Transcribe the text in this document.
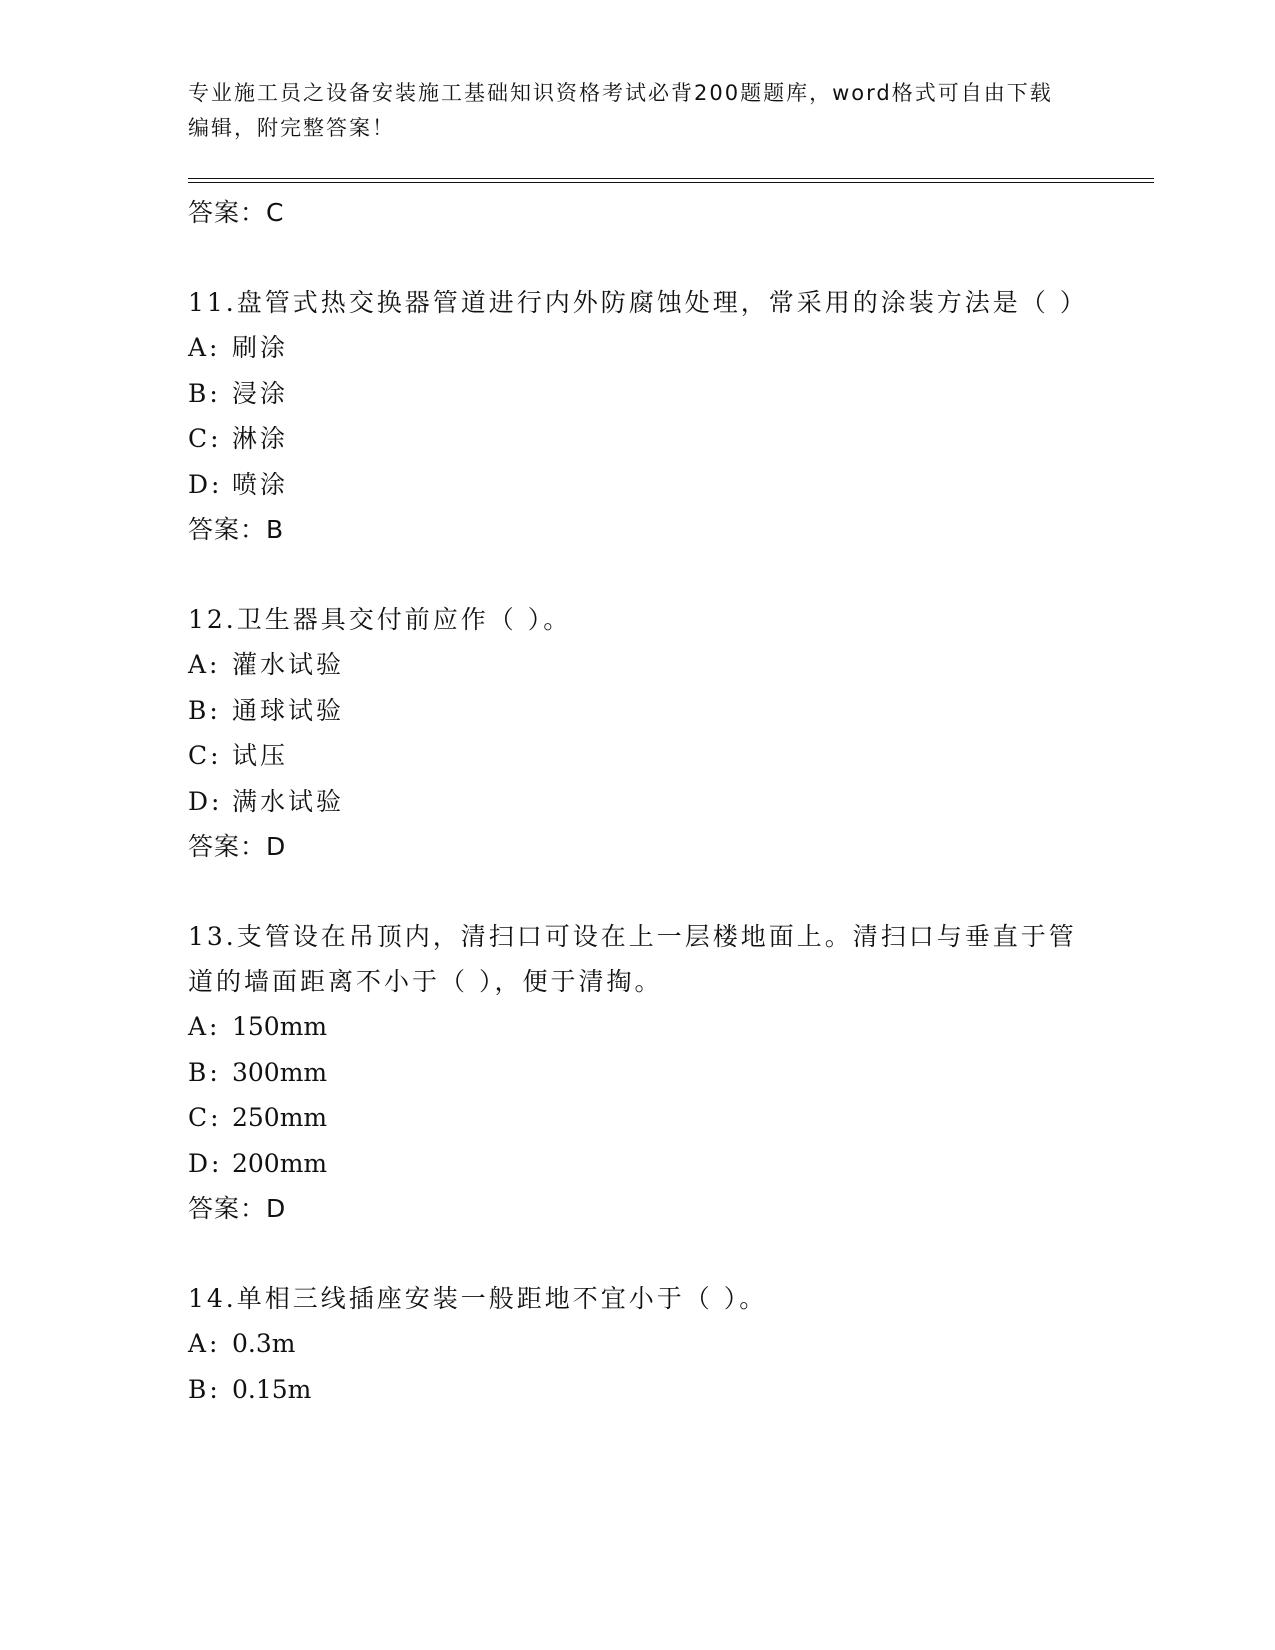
专业施工员之设备安装施工基础知识资格考试必背200题题库，word格式可自由下载编辑，附完整答案！
答案：C
11.盘管式热交换器管道进行内外防腐蚀处理，常采用的涂装方法是（ ）
A: 刷涂
B: 浸涂
C: 淋涂
D: 喷涂
答案：B
12.卫生器具交付前应作（ ）。
A: 灌水试验
B: 通球试验
C: 试压
D: 满水试验
答案：D
13.支管设在吊顶内，清扫口可设在上一层楼地面上。清扫口与垂直于管道的墙面距离不小于（ ），便于清掏。
A: 150mm
B: 300mm
C: 250mm
D: 200mm
答案：D
14.单相三线插座安装一般距地不宜小于（ ）。
A: 0.3m
B: 0.15m
